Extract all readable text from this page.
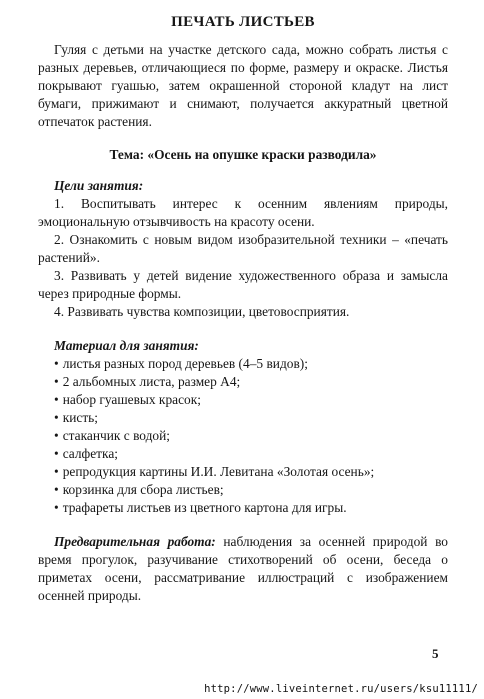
ПЕЧАТЬ ЛИСТЬЕВ

Гуляя с детьми на участке детского сада, можно собрать листья с разных деревьев, отличающиеся по форме, размеру и окраске. Листья покрывают гуашью, затем окрашенной стороной кладут на лист бумаги, прижимают и снимают, получается аккуратный цветной отпечаток растения.

Тема: «Осень на опушке краски разводила»

Цели занятия:

1. Воспитывать интерес к осенним явлениям природы, эмоциональную отзывчивость на красоту осени.

2. Ознакомить с новым видом изобразительной техники – «печать растений».

3. Развивать у детей видение художественного образа и замысла через природные формы.

4. Развивать чувства композиции, цветовосприятия.

Материал для занятия:

• листья разных пород деревьев (4–5 видов);
• 2 альбомных листа, размер А4;
• набор гуашевых красок;
• кисть;
• стаканчик с водой;
• салфетка;
• репродукция картины И.И. Левитана «Золотая осень»;
• корзинка для сбора листьев;
• трафареты листьев из цветного картона для игры.

Предварительная работа: наблюдения за осенней природой во время прогулок, разучивание стихотворений об осени, беседа о приметах осени, рассматривание иллюстраций с изображением осенней природы.

5
http://www.liveinternet.ru/users/ksu11111/
